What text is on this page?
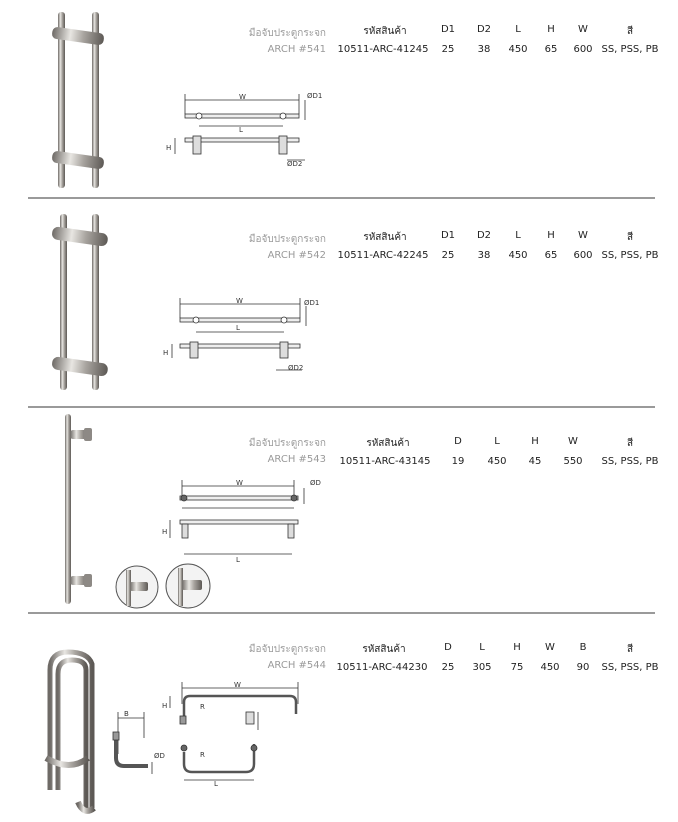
มือจับประตูกระจก
ARCH #541
รหัสสินค้า	D1 D2 L	H W	สี
10511-ARC-41245 25 38 450 65 600 SS, PSS, PB
W
L
H
ØD1
ØD2
มือจับประตูกระจก
ARCH #542
รหัสสินค้า	D1 D2 L	H W	สี
10511-ARC-42245 25 38 450 65 600 SS, PSS, PB
W
L
H
ØD1
ØD2
มือจับประตูกระจก
ARCH #543
รหัสสินค้า	D	L	H	W	สี
10511-ARC-43145 19 450 45 550 SS, PSS, PB
W
H
L
ØD
B
ØD
มือจับประตูกระจก
ARCH #544
รหัสสินค้า	D	L	H W B	สี
10511-ARC-44230 25 305 75 450 90 SS, PSS, PB
W
H	R
R
L
